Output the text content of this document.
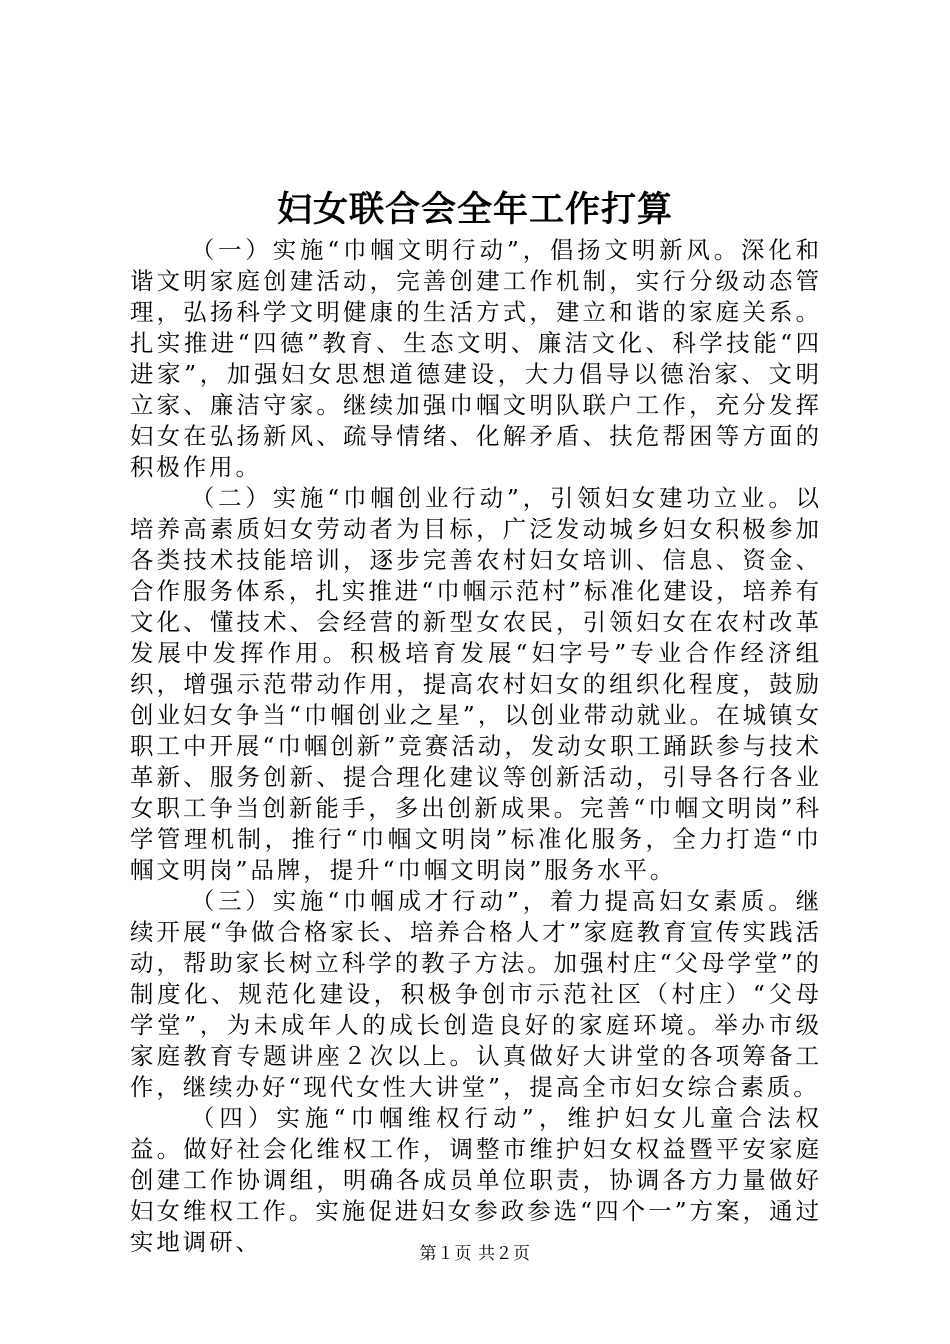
妇女联合会全年工作打算

（一）实施“巾帼文明行动”，倡扬文明新风。深化和谐文明家庭创建活动，完善创建工作机制，实行分级动态管理，弘扬科学文明健康的生活方式，建立和谐的家庭关系。扎实推进“四德”教育、生态文明、廉洁文化、科学技能“四进家”，加强妇女思想道德建设，大力倡导以德治家、文明立家、廉洁守家。继续加强巾帼文明队联户工作，充分发挥妇女在弘扬新风、疏导情绪、化解矛盾、扶危帮困等方面的积极作用。

（二）实施“巾帼创业行动”，引领妇女建功立业。以培养高素质妇女劳动者为目标，广泛发动城乡妇女积极参加各类技术技能培训，逐步完善农村妇女培训、信息、资金、合作服务体系，扎实推进“巾帼示范村”标准化建设，培养有文化、懂技术、会经营的新型女农民，引领妇女在农村改革发展中发挥作用。积极培育发展“妇字号”专业合作经济组织，增强示范带动作用，提高农村妇女的组织化程度，鼓励创业妇女争当“巾帼创业之星”，以创业带动就业。在城镇女职工中开展“巾帼创新”竞赛活动，发动女职工踊跃参与技术革新、服务创新、提合理化建议等创新活动，引导各行各业女职工争当创新能手，多出创新成果。完善“巾帼文明岗”科学管理机制，推行“巾帼文明岗”标准化服务，全力打造“巾帼文明岗”品牌，提升“巾帼文明岗”服务水平。

（三）实施“巾帼成才行动”，着力提高妇女素质。继续开展“争做合格家长、培养合格人才”家庭教育宣传实践活动，帮助家长树立科学的教子方法。加强村庄“父母学堂”的制度化、规范化建设，积极争创市示范社区（村庄）“父母学堂”，为未成年人的成长创造良好的家庭环境。举办市级家庭教育专题讲座２次以上。认真做好大讲堂的各项筹备工作，继续办好“现代女性大讲堂”，提高全市妇女综合素质。

（四）实施“巾帼维权行动”，维护妇女儿童合法权益。做好社会化维权工作，调整市维护妇女权益暨平安家庭创建工作协调组，明确各成员单位职责，协调各方力量做好妇女维权工作。实施促进妇女参政参选“四个一”方案，通过实地调研、	第１页 共２页
